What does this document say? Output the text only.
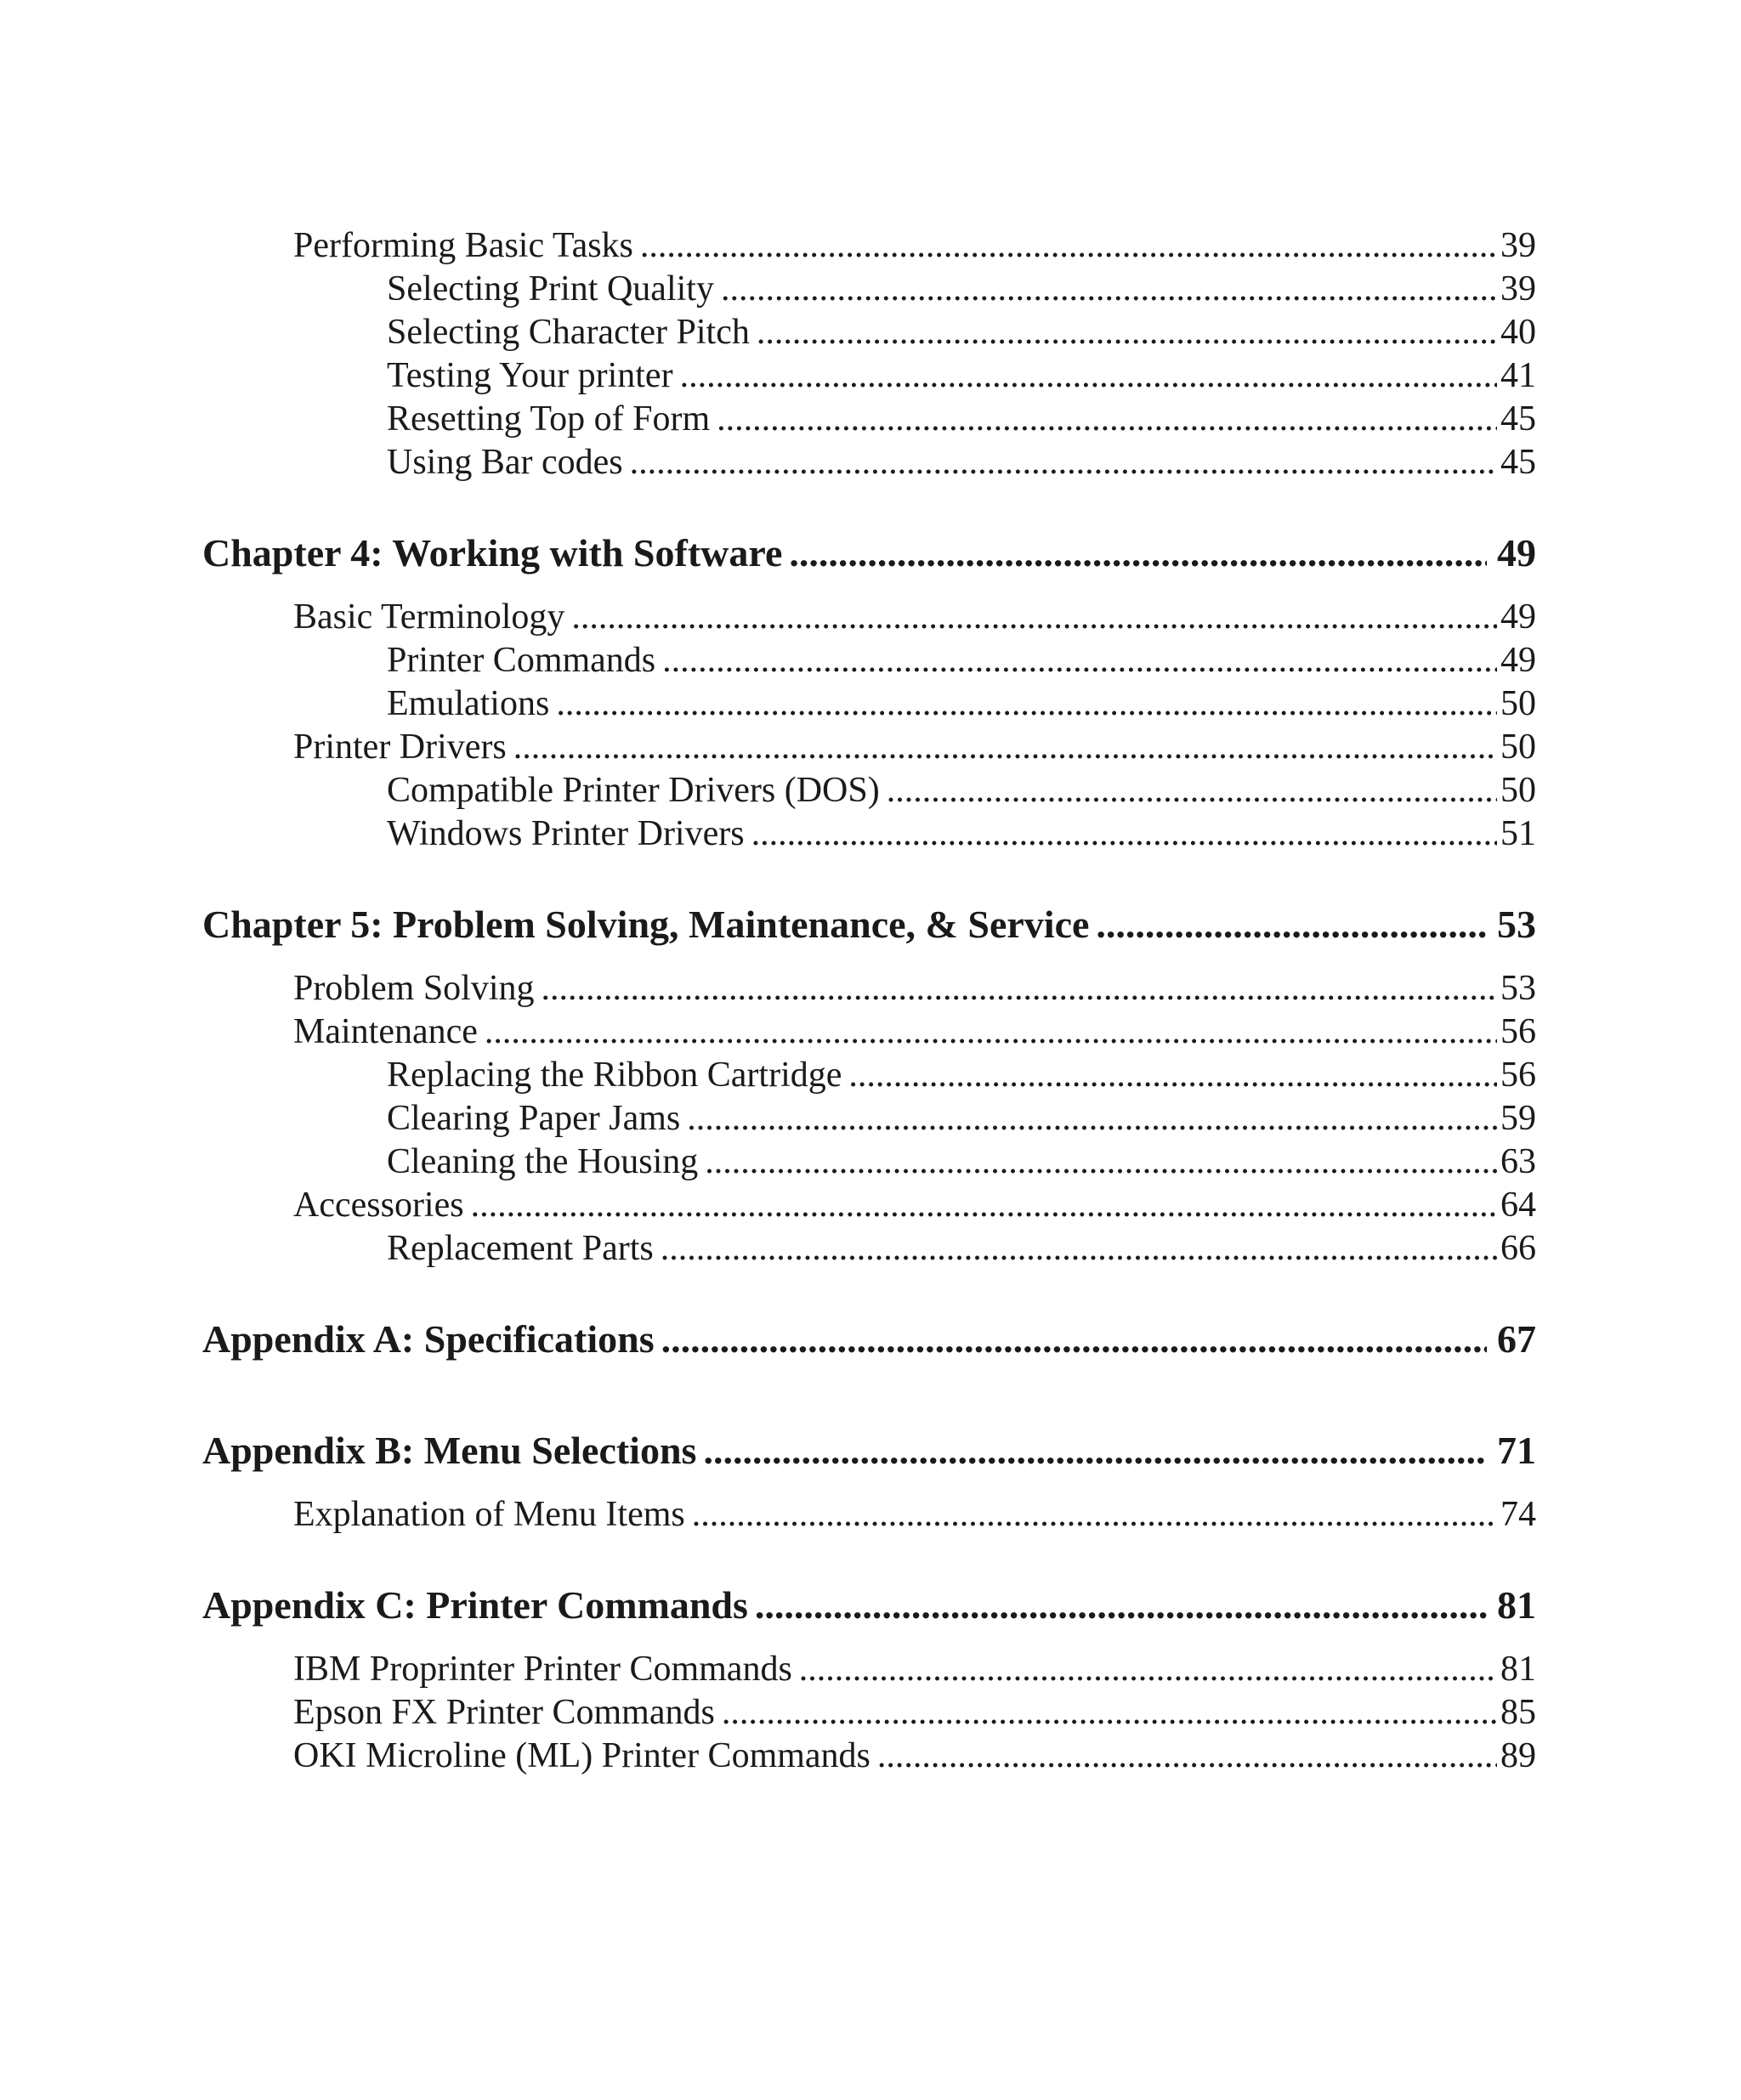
Performing Basic Tasks .....	39
Selecting Print Quality .....	39
Selecting Character Pitch .....	40
Testing Your printer .....	41
Resetting Top of Form .....	45
Using Bar codes .....	45
Chapter 4: Working with Software .....	49
Basic Terminology .....	49
Printer Commands .....	49
Emulations .....	50
Printer Drivers .....	50
Compatible Printer Drivers (DOS) .....	50
Windows Printer Drivers .....	51
Chapter 5: Problem Solving, Maintenance, & Service .....	53
Problem Solving .....	53
Maintenance .....	56
Replacing the Ribbon Cartridge .....	56
Clearing Paper Jams .....	59
Cleaning the Housing .....	63
Accessories .....	64
Replacement Parts .....	66
Appendix A: Specifications .....	67
Appendix B: Menu Selections .....	71
Explanation of Menu Items .....	74
Appendix C: Printer Commands .....	81
IBM Proprinter Printer Commands .....	81
Epson FX Printer Commands .....	85
OKI Microline (ML) Printer Commands .....	89
